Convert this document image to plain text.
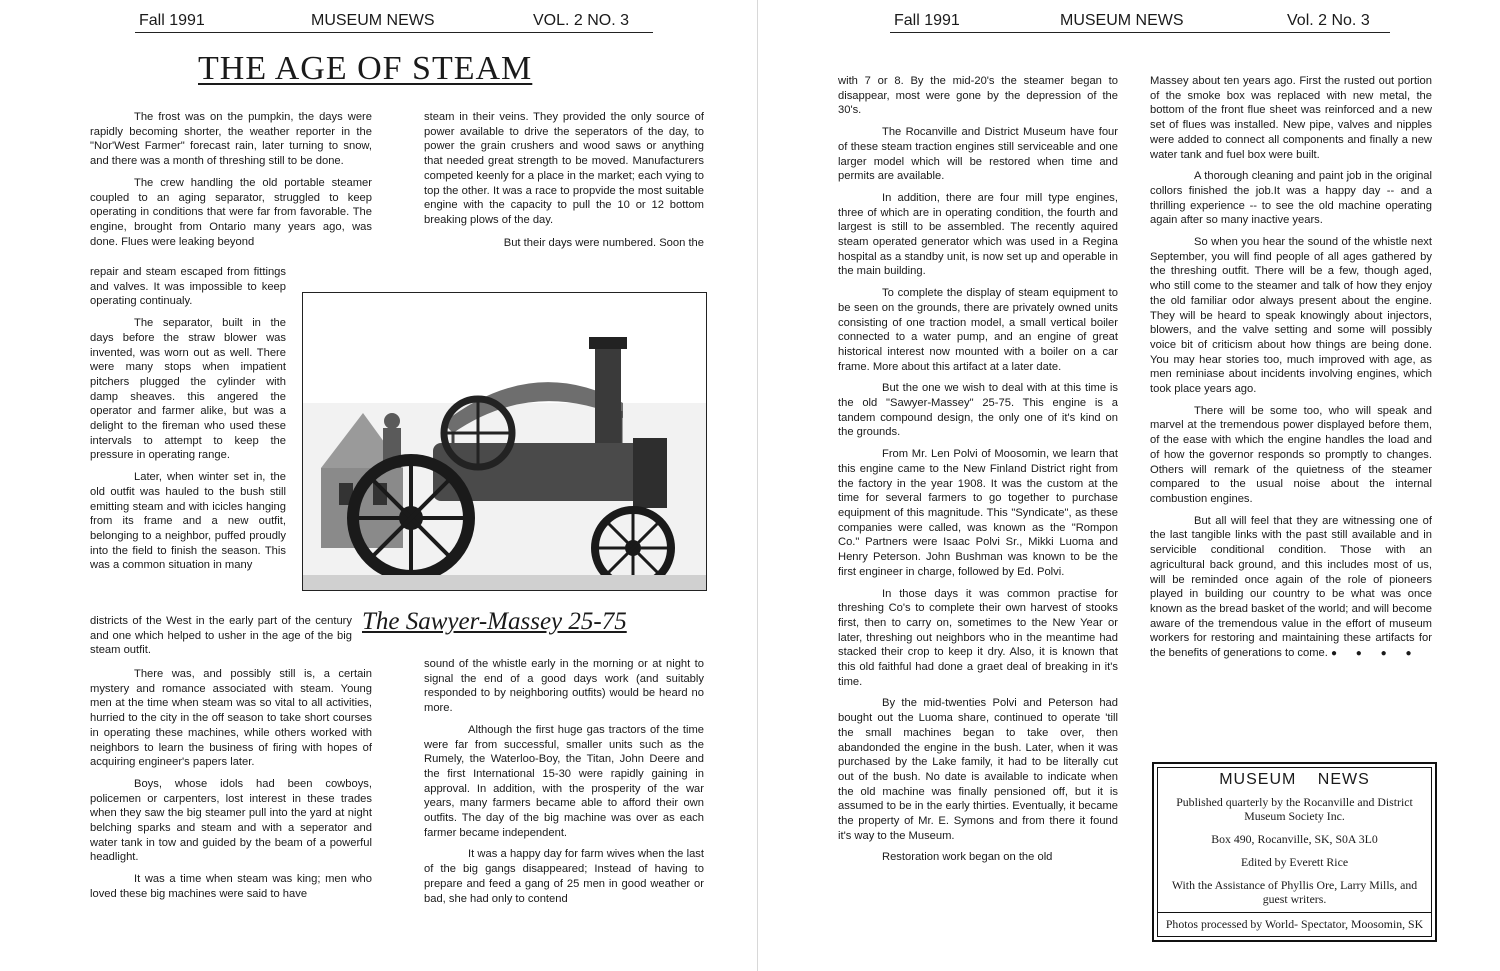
Fall 1991	MUSEUM NEWS	VOL. 2 NO. 3
THE AGE OF STEAM

The frost was on the pumpkin, the days were rapidly becoming shorter, the weather reporter in the "Nor'West Farmer" forecast rain, later turning to snow, and there was a month of threshing still to be done.

The crew handling the old portable steamer coupled to an aging separator, struggled to keep operating in conditions that were far from favorable. The engine, brought from Ontario many years ago, was done. Flues were leaking beyond

repair and steam escaped from fittings and valves. It was impossible to keep operating continualy.

The separator, built in the days before the straw blower was invented, was worn out as well. There were many stops when impatient pitchers plugged the cylinder with damp sheaves. this angered the operator and farmer alike, but was a delight to the fireman who used these intervals to attempt to keep the pressure in operating range.

Later, when winter set in, the old outfit was hauled to the bush still emitting steam and with icicles hanging from its frame and a new outfit, belonging to a neighbor, puffed proudly into the field to finish the season. This was a common situation in many

districts of the West in the early part of the century and one which helped to usher in the age of the big steam outfit.

There was, and possibly still is, a certain mystery and romance associated with steam. Young men at the time when steam was so vital to all activities, hurried to the city in the off season to take short courses in operating these machines, while others worked with neighbors to learn the business of firing with hopes of acquiring engineer's papers later.

Boys, whose idols had been cowboys, policemen or carpenters, lost interest in these trades when they saw the big steamer pull into the yard at night belching sparks and steam and with a seperator and water tank in tow and guided by the beam of a powerful headlight.

It was a time when steam was king; men who loved these big machines were said to have

steam in their veins. They provided the only source of power available to drive the seperators of the day, to power the grain crushers and wood saws or anything that needed great strength to be moved. Manufacturers competed keenly for a place in the market; each vying to top the other. It was a race to propvide the most suitable engine with the capacity to pull the 10 or 12 bottom breaking plows of the day.

But their days were numbered. Soon the

The Sawyer-Massey 25-75

sound of the whistle early in the morning or at night to signal the end of a good days work (and suitably responded to by neighboring outfits) would be heard no more.

Although the first huge gas tractors of the time were far from successful, smaller units such as the Rumely, the Waterloo-Boy, the Titan, John Deere and the first International 15-30 were rapidly gaining in approval. In addition, with the prosperity of the war years, many farmers became able to afford their own outfits. The day of the big machine was over as each farmer became independent.

It was a happy day for farm wives when the last of the big gangs disappeared; Instead of having to prepare and feed a gang of 25 men in good weather or bad, she had only to contend

Fall 1991	MUSEUM NEWS	Vol. 2 No. 3

with 7 or 8. By the mid-20's the steamer began to disappear, most were gone by the depression of the 30's.

The Rocanville and District Museum have four of these steam traction engines still serviceable and one larger model which will be restored when time and permits are available.

In addition, there are four mill type engines, three of which are in operating condition, the fourth and largest is still to be assembled. The recently aquired steam operated generator which was used in a Regina hospital as a standby unit, is now set up and operable in the main building.

To complete the display of steam equipment to be seen on the grounds, there are privately owned units consisting of one traction model, a small vertical boiler connected to a water pump, and an engine of great historical interest now mounted with a boiler on a car frame. More about this artifact at a later date.

But the one we wish to deal with at this time is the old "Sawyer-Massey" 25-75. This engine is a tandem compound design, the only one of it's kind on the grounds.

From Mr. Len Polvi of Moosomin, we learn that this engine came to the New Finland District right from the factory in the year 1908. It was the custom at the time for several farmers to go together to purchase equipment of this magnitude. This "Syndicate", as these companies were called, was known as the "Rompon Co." Partners were Isaac Polvi Sr., Mikki Luoma and Henry Peterson. John Bushman was known to be the first engineer in charge, followed by Ed. Polvi.

In those days it was common practise for threshing Co's to complete their own harvest of stooks first, then to carry on, sometimes to the New Year or later, threshing out neighbors who in the meantime had stacked their crop to keep it dry. Also, it is known that this old faithful had done a graet deal of breaking in it's time.

By the mid-twenties Polvi and Peterson had bought out the Luoma share, continued to operate 'till the small machines began to take over, then abandonded the engine in the bush. Later, when it was purchased by the Lake family, it had to be literally cut out of the bush. No date is available to indicate when the old machine was finally pensioned off, but it is assumed to be in the early thirties. Eventually, it became the property of Mr. E. Symons and from there it found it's way to the Museum.

Restoration work began on the old

Massey about ten years ago. First the rusted out portion of the smoke box was replaced with new metal, the bottom of the front flue sheet was reinforced and a new set of flues was installed. New pipe, valves and nipples were added to connect all components and finally a new water tank and fuel box were built.

A thorough cleaning and paint job in the original collors finished the job.It was a happy day -- and a thrilling experience -- to see the old machine operating again after so many inactive years.

So when you hear the sound of the whistle next September, you will find people of all ages gathered by the threshing outfit. There will be a few, though aged, who still come to the steamer and talk of how they enjoy the old familiar odor always present about the engine. They will be heard to speak knowingly about injectors, blowers, and the valve setting and some will possibly voice bit of criticism about how things are being done. You may hear stories too, much improved with age, as men reminiase about incidents involving engines, which took place years ago.

There will be some too, who will speak and marvel at the tremendous power displayed before them, of the ease with which the engine handles the load and of how the governor responds so promptly to changes. Others will remark of the quietness of the steamer compared to the usual noise about the internal combustion engines.

But all will feel that they are witnessing one of the last tangible links with the past still available and in servicible conditional condition. Those with an agricultural back ground, and this includes most of us, will be reminded once again of the role of pioneers played in building our country to be what was once known as the bread basket of the world; and will become aware of the tremendous value in the effort of museum workers for restoring and maintaining these artifacts for the benefits of generations to come. ● ● ● ●

MUSEUM NEWS
Published quarterly by the Rocanville and District Museum Society Inc.
Box 490, Rocanville, SK, S0A 3L0
Edited by Everett Rice
With the Assistance of Phyllis Ore, Larry Mills, and guest writers.
Photos processed by World- Spectator, Moosomin, SK
